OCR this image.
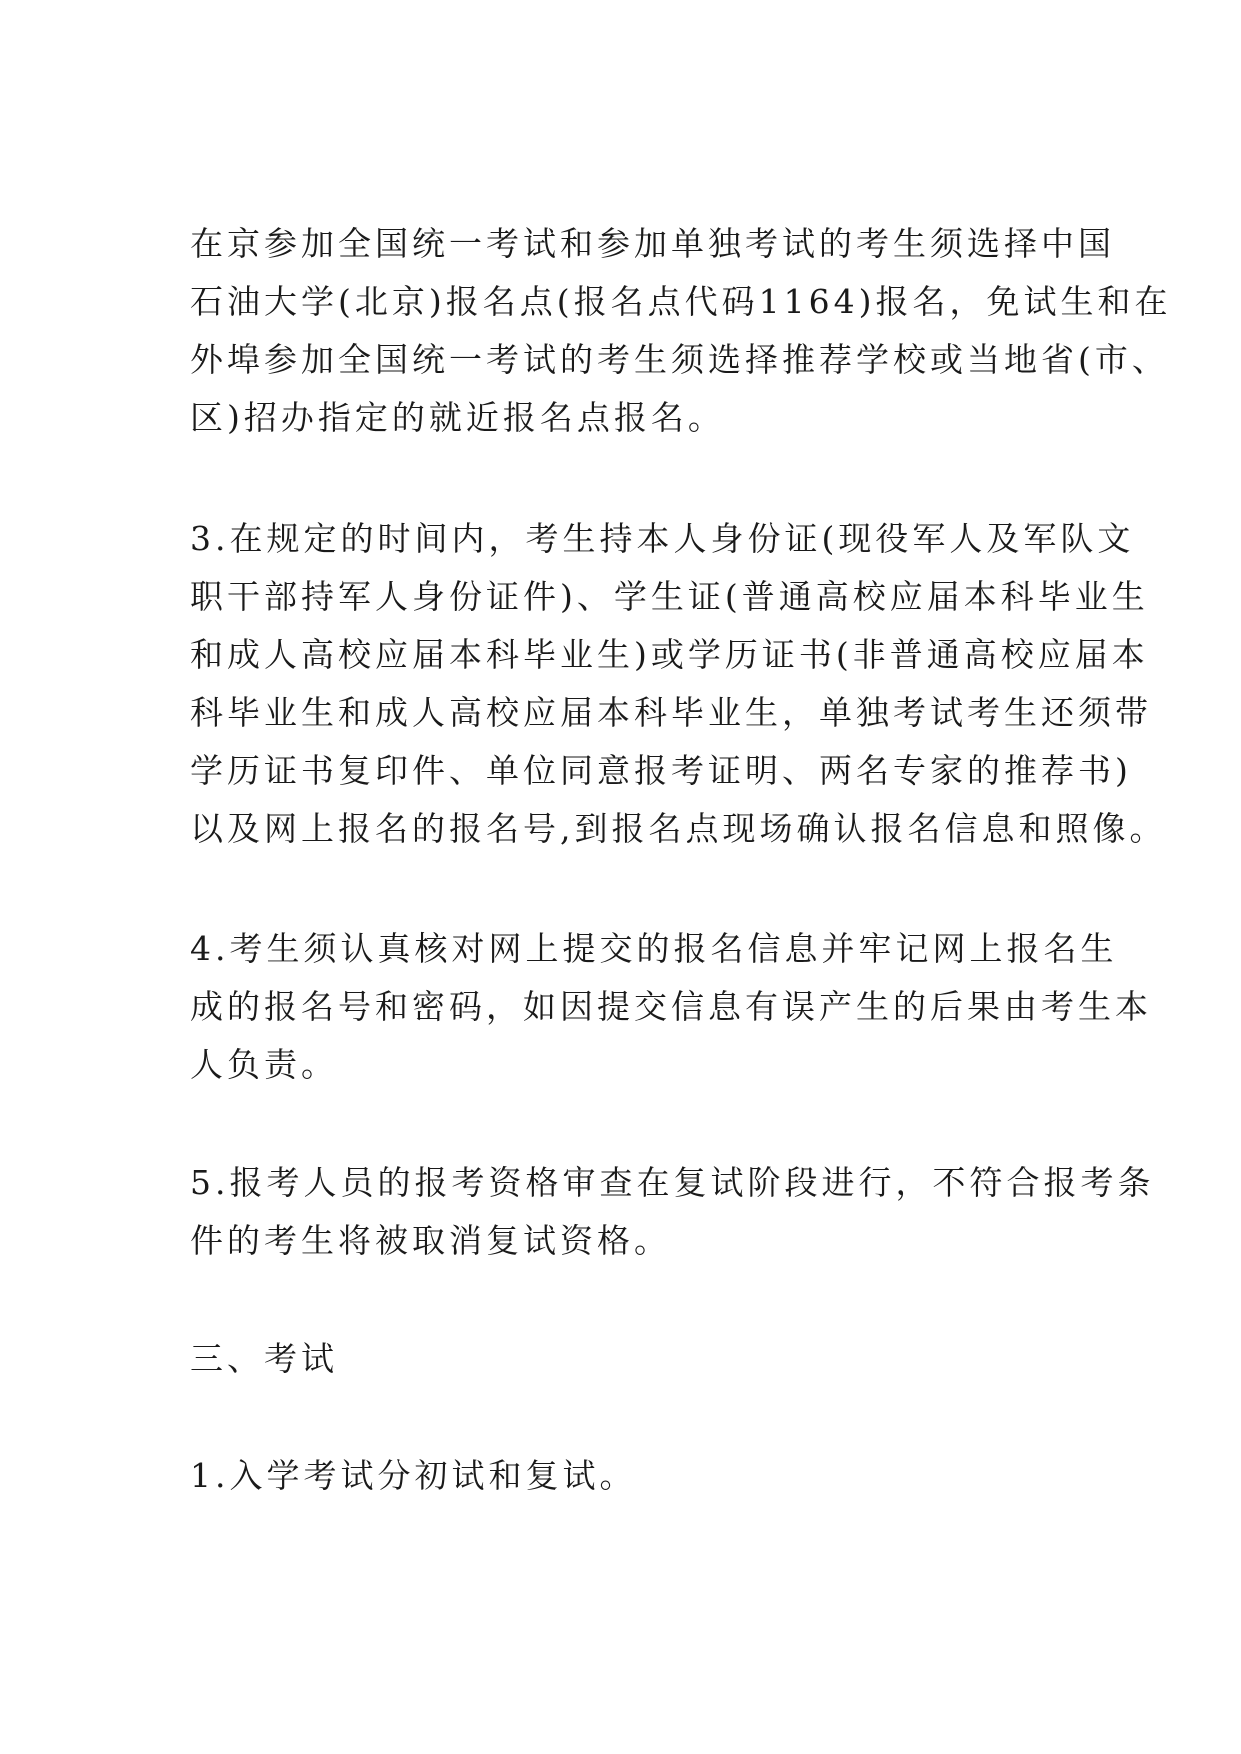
在京参加全国统一考试和参加单独考试的考生须选择中国
石油大学(北京)报名点(报名点代码1164)报名，免试生和在
外埠参加全国统一考试的考生须选择推荐学校或当地省(市、
区)招办指定的就近报名点报名。

3.在规定的时间内，考生持本人身份证(现役军人及军队文
职干部持军人身份证件)、学生证(普通高校应届本科毕业生
和成人高校应届本科毕业生)或学历证书(非普通高校应届本
科毕业生和成人高校应届本科毕业生，单独考试考生还须带
学历证书复印件、单位同意报考证明、两名专家的推荐书)
以及网上报名的报名号,到报名点现场确认报名信息和照像。

4.考生须认真核对网上提交的报名信息并牢记网上报名生
成的报名号和密码，如因提交信息有误产生的后果由考生本
人负责。

5.报考人员的报考资格审查在复试阶段进行，不符合报考条
件的考生将被取消复试资格。

三、考试

1.入学考试分初试和复试。
